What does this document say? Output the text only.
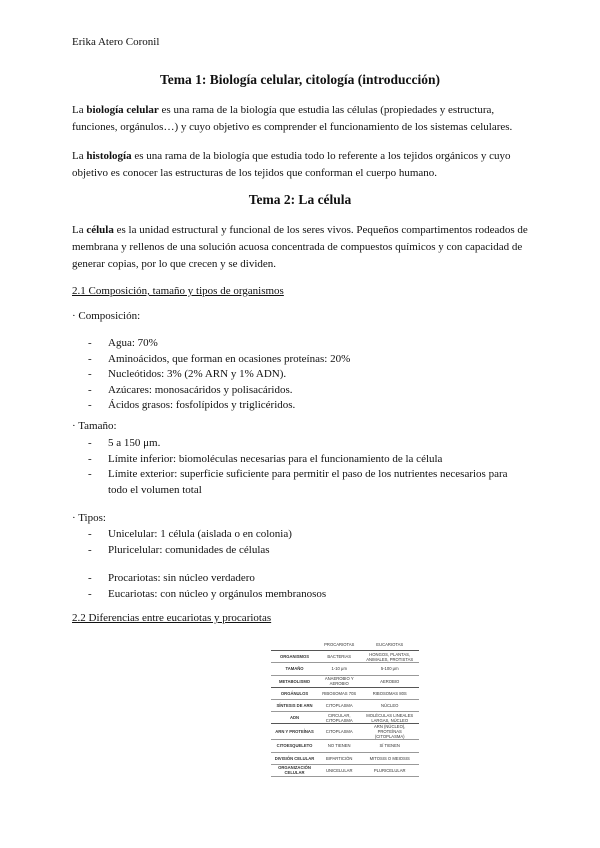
Erika Atero Coronil
Tema 1: Biología celular, citología (introducción)
La biología celular es una rama de la biología que estudia las células (propiedades y estructura, funciones, orgánulos…) y cuyo objetivo es comprender el funcionamiento de los sistemas celulares.
La histología es una rama de la biología que estudia todo lo referente a los tejidos orgánicos y cuyo objetivo es conocer las estructuras de los tejidos que conforman el cuerpo humano.
Tema 2: La célula
La célula es la unidad estructural y funcional de los seres vivos. Pequeños compartimentos rodeados de membrana y rellenos de una solución acuosa concentrada de compuestos químicos y con capacidad de generar copias, por lo que crecen y se dividen.
2.1 Composición, tamaño y tipos de organismos
· Composición:
- Agua: 70%
- Aminoácidos, que forman en ocasiones proteínas: 20%
- Nucleótidos: 3% (2% ARN y 1% ADN).
- Azúcares: monosacáridos y polisacáridos.
- Ácidos grasos: fosfolípidos y triglicéridos.
· Tamaño:
- 5 a 150 μm.
- Límite inferior: biomoléculas necesarias para el funcionamiento de la célula
- Límite exterior: superficie suficiente para permitir el paso de los nutrientes necesarios para todo el volumen total
· Tipos:
- Unicelular: 1 célula (aislada o en colonia)
- Pluricelular: comunidades de células
- Procariotas: sin núcleo verdadero
- Eucariotas: con núcleo y orgánulos membranosos
2.2 Diferencias entre eucariotas y procariotas
	PROCARIOTAS	EUCARIOTAS
ORGANISMOS	BACTERIAS	HONGOS, PLANTAS, ANIMALES, PROTISTAS
TAMAÑO	1-10 μm	5-100 μm
METABOLISMO	ANAEROBIO Y AEROBIO	AEROBIO
ORGÁNULOS	RIBOSOMAS 70S	RIBOSOMAS 80S
SÍNTESIS DE ARN	CITOPLASMA	NÚCLEO
ADN	CIRCULAR, CITOPLASMA	MOLÉCULAS LINEALES LARGAS, NÚCLEO
ARN Y PROTEÍNAS	CITOPLASMA	ARN (NÚCLEO), PROTEÍNAS (CITOPLASMA)
CITOESQUELETO	NO TIENEN	SÍ TIENEN
DIVISIÓN CELULAR	BIPARTICIÓN	MITOSIS O MEIOSIS
ORGANIZACIÓN CELULAR	UNICELULAR	PLURICELULAR
